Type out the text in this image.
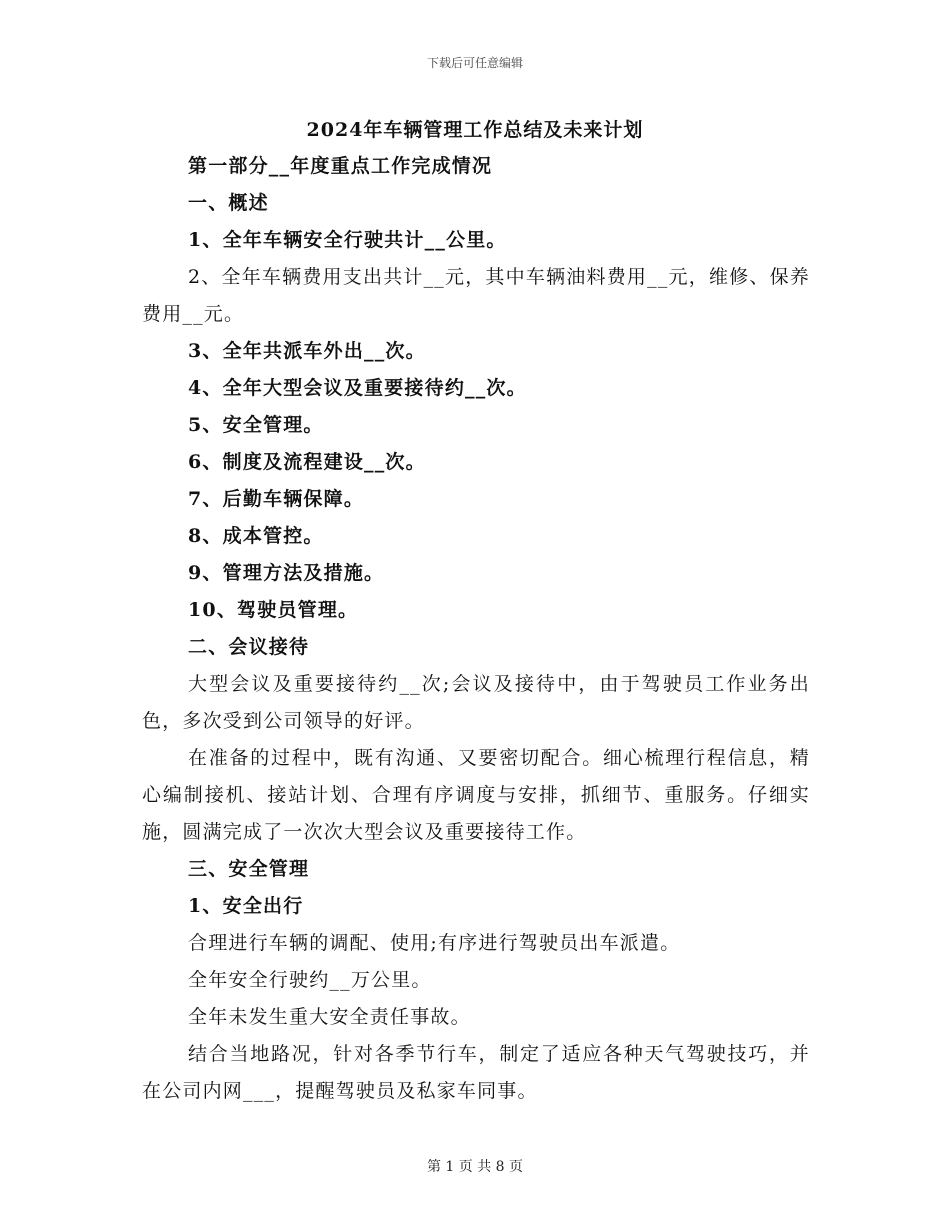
下载后可任意编辑
2024年车辆管理工作总结及未来计划

第一部分__年度重点工作完成情况

一、概述

1、全年车辆安全行驶共计__公里。

2、全年车辆费用支出共计__元，其中车辆油料费用__元，维修、保养费用__元。

3、全年共派车外出__次。

4、全年大型会议及重要接待约__次。

5、安全管理。

6、制度及流程建设__次。

7、后勤车辆保障。

8、成本管控。

9、管理方法及措施。

10、驾驶员管理。

二、会议接待

大型会议及重要接待约__次;会议及接待中，由于驾驶员工作业务出色，多次受到公司领导的好评。

在准备的过程中，既有沟通、又要密切配合。细心梳理行程信息，精心编制接机、接站计划、合理有序调度与安排，抓细节、重服务。仔细实施，圆满完成了一次次大型会议及重要接待工作。

三、安全管理

1、安全出行

合理进行车辆的调配、使用;有序进行驾驶员出车派遣。

全年安全行驶约__万公里。

全年未发生重大安全责任事故。

结合当地路况，针对各季节行车，制定了适应各种天气驾驶技巧，并在公司内网___，提醒驾驶员及私家车同事。

第 1 页 共 8 页
